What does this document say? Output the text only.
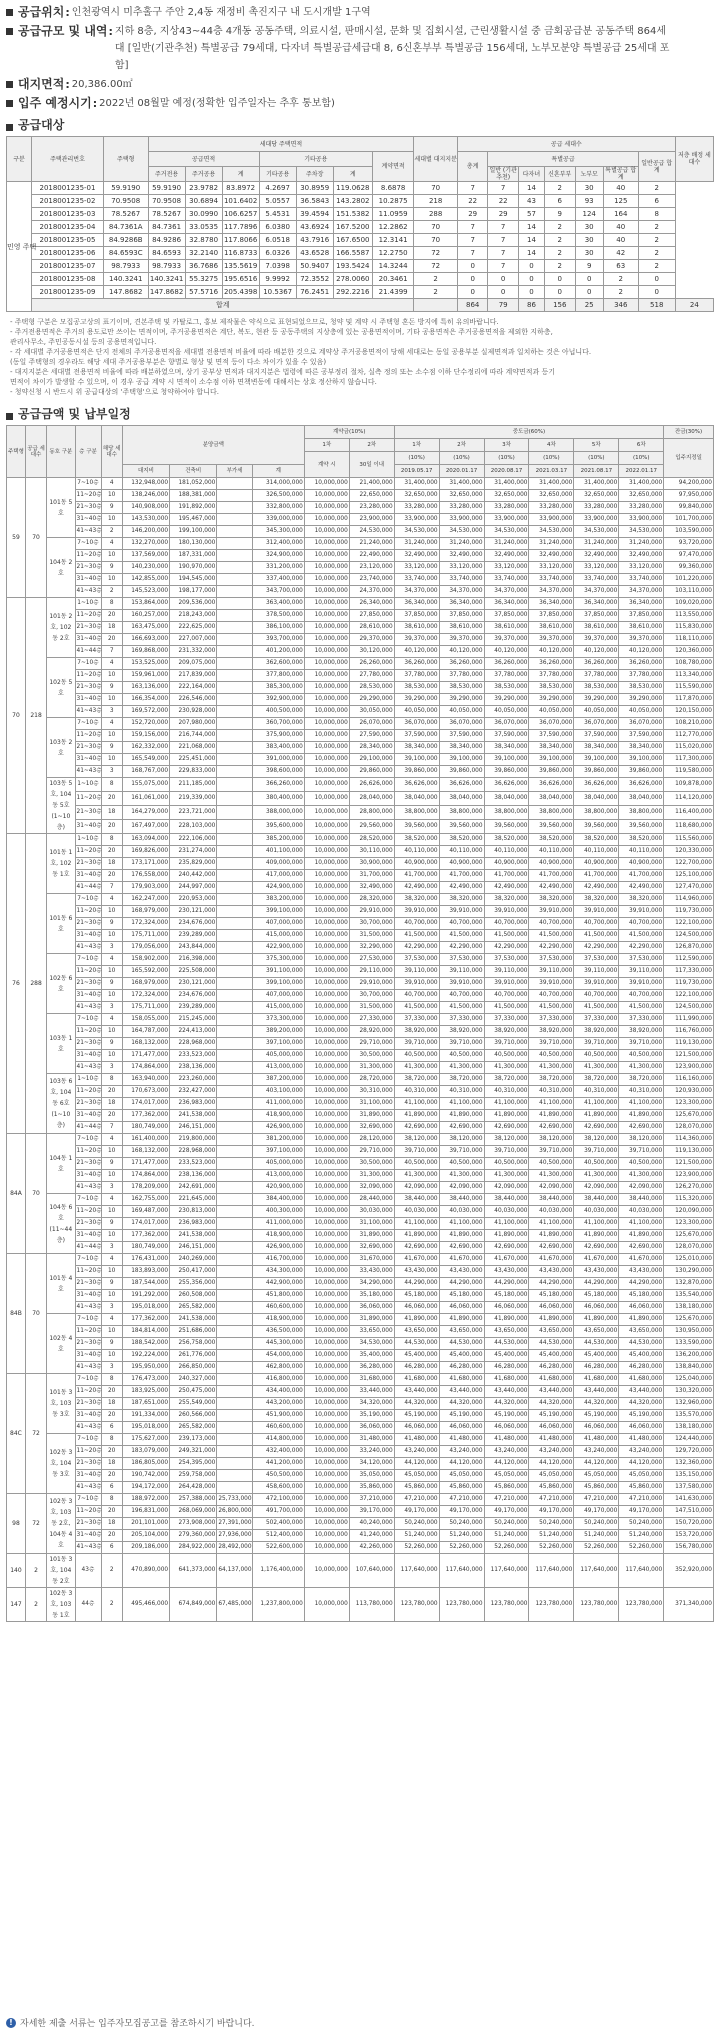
공급위치 : 인천광역시 미추홀구 주안 2,4동 재정비 촉진지구 내 도시개발 1구역
공급규모 및 내역 : 지하 8층, 지상43~44층 4개동 공동주택, 의료시설, 판매시설, 문화 및 집회시설, 근린생활시설 중 금회공급분 공동주택 864세대 [일반(기관추천) 특별공급 79세대, 다자녀 특별공급세급대 8, 6신혼부부 특별공급 156세대, 노부모분양 특별공급 25세대 포함]
대지면적 : 20,386.00㎡
입주 예정시기 : 2022년 08월말 예정(정확한 입주일자는 추후 통보함)
공급대상
구분	주택관리번호	주택형	세대당 주택면적							세대별 대지지분	공급 세대수							저층 배정 세대수
			공급면적			기타공용			계약면적		총계	특별공급					일반공급 합계	
			주거전용	주거공용	계	기타공용	주차장	계				일반 (기관추천)	다자녀	신혼부부	노부모	특별공급 합계		
민영 주택	2018001235-01	59.9190	59.9190	23.9782	83.8972	4.2697	30.8959	119.0628	8.6878	70	7	7	14	2	30	40	2	
	2018001235-02	70.9508	70.9508	30.6894	101.6402	5.0557	36.5843	143.2802	10.2875	218	22	22	43	6	93	125	6	
	2018001235-03	78.5267	78.5267	30.0990	106.6257	5.4531	39.4594	151.5382	11.0959	288	29	29	57	9	124	164	8	
	2018001235-04	84.7361A	84.7361	33.0535	117.7896	6.0380	43.6924	167.5200	12.2862	70	7	7	14	2	30	40	2	
	2018001235-05	84.9286B	84.9286	32.8780	117.8066	6.0518	43.7916	167.6500	12.3141	70	7	7	14	2	30	40	2	
	2018001235-06	84.6593C	84.6593	32.2140	116.8733	6.0326	43.6528	166.5587	12.2750	72	7	7	14	2	30	42	2	
	2018001235-07	98.7933	98.7933	36.7686	135.5619	7.0398	50.9407	193.5424	14.3244	72	0	7	0	2	9	63	2	
	2018001235-08	140.3241	140.3241	55.3275	195.6516	9.9992	72.3552	278.0060	20.3461	2	0	0	0	0	0	2	0	
	2018001235-09	147.8682	147.8682	57.5716	205.4398	10.5367	76.2451	292.2216	21.4399	2	0	0	0	0	0	2	0	
	합계										864	79	86	156	25	346	518	24
- 주택형 구분은 모집공고상의 표기이며, 견본주택 및 카탈로그, 홍보 제작물은 약식으로 표현되었으므로, 청약 및 계약 시 주택형 혼돈 방지에 특히 유의바랍니다.
- 주거전용면적은 주거의 용도로만 쓰이는 면적이며, 주거공용면적은 계단, 복도, 현관 등 공동주택의 지상층에 있는 공용면적이며, 기타 공용면적은 주거공용면적을 제외한 지하층,
관리사무소, 주민공동시설 등의 공용면적입니다.
- 각 세대별 주거공용면적은 단지 전체의 주거공용면적을 세대별 전용면적 비율에 따라 배분한 것으로 계약상 주거공용면적이 당해 세대로는 동일 공용부분 실제면적과 일치하는 것은 아닙니다.
(동일 주택형의 경우라도 해당 세대 주거공용부분은 향별로 형상 및 면적 등이 다소 차이가 있을 수 있음)
- 대지지분은 세대별 전용면적 비율에 따라 배분하였으며, 상기 공부상 면적과 대지지분은 법령에 따른 공부정리 절차, 실측 정의 또는 소수점 이하 단수정리에 따라 계약면적과 등기
면적이 차이가 발생할 수 있으며, 이 경우 공급 계약 시 면적이 소수점 이하 면책변동에 대해서는 상호 정산하지 않습니다.
- 청약신청 시 반드시 위 공급대상의 '주택형'으로 청약하여야 합니다.
공급금액 및 납부일정
주택형	공급 세대수	동호 구분	층 구분	해당 세대수	분양금액				계약금(10%)		중도금(60%)						잔금(30%)
									1차	2차	1차	2차	3차	4차	5차	6차	입주지정일
									계약 시	30일 이내	(10%)	(10%)	(10%)	(10%)	(10%)	(10%)	
					대지비	건축비	부가세	계			2019.05.17	2020.01.17	2020.08.17	2021.03.17	2021.08.17	2022.01.17	
59	70	101동 5호	7~10층	4	132,948,000	181,052,000		314,000,000	10,000,000	21,400,000	31,400,000	31,400,000	31,400,000	31,400,000	31,400,000	31,400,000	94,200,000
			11~20층	10	138,246,000	188,381,000		326,500,000	10,000,000	22,650,000	32,650,000	32,650,000	32,650,000	32,650,000	32,650,000	32,650,000	97,950,000
			21~30층	9	140,908,000	191,892,000		332,800,000	10,000,000	23,280,000	33,280,000	33,280,000	33,280,000	33,280,000	33,280,000	33,280,000	99,840,000
			31~40층	10	143,530,000	195,467,000		339,000,000	10,000,000	23,900,000	33,900,000	33,900,000	33,900,000	33,900,000	33,900,000	33,900,000	101,700,000
			41~43층	2	146,200,000	199,100,000		345,300,000	10,000,000	24,530,000	34,530,000	34,530,000	34,530,000	34,530,000	34,530,000	34,530,000	103,590,000
		104동 2호	7~10층	4	132,270,000	180,130,000		312,400,000	10,000,000	21,240,000	31,240,000	31,240,000	31,240,000	31,240,000	31,240,000	31,240,000	93,720,000
			11~20층	10	137,569,000	187,331,000		324,900,000	10,000,000	22,490,000	32,490,000	32,490,000	32,490,000	32,490,000	32,490,000	32,490,000	97,470,000
			21~30층	9	140,230,000	190,970,000		331,200,000	10,000,000	23,120,000	33,120,000	33,120,000	33,120,000	33,120,000	33,120,000	33,120,000	99,360,000
			31~40층	10	142,855,000	194,545,000		337,400,000	10,000,000	23,740,000	33,740,000	33,740,000	33,740,000	33,740,000	33,740,000	33,740,000	101,220,000
			41~43층	2	145,523,000	198,177,000		343,700,000	10,000,000	24,370,000	34,370,000	34,370,000	34,370,000	34,370,000	34,370,000	34,370,000	103,110,000
70	218	101동 2호, 102동 2호	1~10층	8	153,864,000	209,536,000		363,400,000	10,000,000	26,340,000	36,340,000	36,340,000	36,340,000	36,340,000	36,340,000	36,340,000	109,020,000
			11~20층	20	160,257,000	218,243,000		378,500,000	10,000,000	27,850,000	37,850,000	37,850,000	37,850,000	37,850,000	37,850,000	37,850,000	113,550,000
			21~30층	18	163,475,000	222,625,000		386,100,000	10,000,000	28,610,000	38,610,000	38,610,000	38,610,000	38,610,000	38,610,000	38,610,000	115,830,000
			31~40층	20	166,693,000	227,007,000		393,700,000	10,000,000	29,370,000	39,370,000	39,370,000	39,370,000	39,370,000	39,370,000	39,370,000	118,110,000
			41~44층	7	169,868,000	231,332,000		401,200,000	10,000,000	30,120,000	40,120,000	40,120,000	40,120,000	40,120,000	40,120,000	40,120,000	120,360,000
		102동 5호	7~10층	4	153,525,000	209,075,000		362,600,000	10,000,000	26,260,000	36,260,000	36,260,000	36,260,000	36,260,000	36,260,000	36,260,000	108,780,000
			11~20층	10	159,961,000	217,839,000		377,800,000	10,000,000	27,780,000	37,780,000	37,780,000	37,780,000	37,780,000	37,780,000	37,780,000	113,340,000
			21~30층	9	163,136,000	222,164,000		385,300,000	10,000,000	28,530,000	38,530,000	38,530,000	38,530,000	38,530,000	38,530,000	38,530,000	115,590,000
			31~40층	10	166,354,000	226,546,000		392,900,000	10,000,000	29,290,000	39,290,000	39,290,000	39,290,000	39,290,000	39,290,000	39,290,000	117,870,000
			41~43층	3	169,572,000	230,928,000		400,500,000	10,000,000	30,050,000	40,050,000	40,050,000	40,050,000	40,050,000	40,050,000	40,050,000	120,150,000
		103동 2호	7~10층	4	152,720,000	207,980,000		360,700,000	10,000,000	26,070,000	36,070,000	36,070,000	36,070,000	36,070,000	36,070,000	36,070,000	108,210,000
			11~20층	10	159,156,000	216,744,000		375,900,000	10,000,000	27,590,000	37,590,000	37,590,000	37,590,000	37,590,000	37,590,000	37,590,000	112,770,000
			21~30층	9	162,332,000	221,068,000		383,400,000	10,000,000	28,340,000	38,340,000	38,340,000	38,340,000	38,340,000	38,340,000	38,340,000	115,020,000
			31~40층	10	165,549,000	225,451,000		391,000,000	10,000,000	29,100,000	39,100,000	39,100,000	39,100,000	39,100,000	39,100,000	39,100,000	117,300,000
			41~43층	3	168,767,000	229,833,000		398,600,000	10,000,000	29,860,000	39,860,000	39,860,000	39,860,000	39,860,000	39,860,000	39,860,000	119,580,000
		103동 5호, 104동 5호(1~10층)	1~10층	8	155,075,000	211,185,000		366,260,000	10,000,000	26,626,000	36,626,000	36,626,000	36,626,000	36,626,000	36,626,000	36,626,000	109,878,000
			11~20층	20	161,061,000	219,339,000		380,400,000	10,000,000	28,040,000	38,040,000	38,040,000	38,040,000	38,040,000	38,040,000	38,040,000	114,120,000
			21~30층	18	164,279,000	223,721,000		388,000,000	10,000,000	28,800,000	38,800,000	38,800,000	38,800,000	38,800,000	38,800,000	38,800,000	116,400,000
			31~40층	20	167,497,000	228,103,000		395,600,000	10,000,000	29,560,000	39,560,000	39,560,000	39,560,000	39,560,000	39,560,000	39,560,000	118,680,000
76	288	101동 1호, 102동 1호	1~10층	8	163,094,000	222,106,000		385,200,000	10,000,000	28,520,000	38,520,000	38,520,000	38,520,000	38,520,000	38,520,000	38,520,000	115,560,000
			11~20층	20	169,826,000	231,274,000		401,100,000	10,000,000	30,110,000	40,110,000	40,110,000	40,110,000	40,110,000	40,110,000	40,110,000	120,330,000
			21~30층	18	173,171,000	235,829,000		409,000,000	10,000,000	30,900,000	40,900,000	40,900,000	40,900,000	40,900,000	40,900,000	40,900,000	122,700,000
			31~40층	20	176,558,000	240,442,000		417,000,000	10,000,000	31,700,000	41,700,000	41,700,000	41,700,000	41,700,000	41,700,000	41,700,000	125,100,000
			41~44층	7	179,903,000	244,997,000		424,900,000	10,000,000	32,490,000	42,490,000	42,490,000	42,490,000	42,490,000	42,490,000	42,490,000	127,470,000
		101동 6호	7~10층	4	162,247,000	220,953,000		383,200,000	10,000,000	28,320,000	38,320,000	38,320,000	38,320,000	38,320,000	38,320,000	38,320,000	114,960,000
			11~20층	10	168,979,000	230,121,000		399,100,000	10,000,000	29,910,000	39,910,000	39,910,000	39,910,000	39,910,000	39,910,000	39,910,000	119,730,000
			21~30층	9	172,324,000	234,676,000		407,000,000	10,000,000	30,700,000	40,700,000	40,700,000	40,700,000	40,700,000	40,700,000	40,700,000	122,100,000
			31~40층	10	175,711,000	239,289,000		415,000,000	10,000,000	31,500,000	41,500,000	41,500,000	41,500,000	41,500,000	41,500,000	41,500,000	124,500,000
			41~43층	3	179,056,000	243,844,000		422,900,000	10,000,000	32,290,000	42,290,000	42,290,000	42,290,000	42,290,000	42,290,000	42,290,000	126,870,000
		102동 6호	7~10층	4	158,902,000	216,398,000		375,300,000	10,000,000	27,530,000	37,530,000	37,530,000	37,530,000	37,530,000	37,530,000	37,530,000	112,590,000
			11~20층	10	165,592,000	225,508,000		391,100,000	10,000,000	29,110,000	39,110,000	39,110,000	39,110,000	39,110,000	39,110,000	39,110,000	117,330,000
			21~30층	9	168,979,000	230,121,000		399,100,000	10,000,000	29,910,000	39,910,000	39,910,000	39,910,000	39,910,000	39,910,000	39,910,000	119,730,000
			31~40층	10	172,324,000	234,676,000		407,000,000	10,000,000	30,700,000	40,700,000	40,700,000	40,700,000	40,700,000	40,700,000	40,700,000	122,100,000
			41~43층	3	175,711,000	239,289,000		415,000,000	10,000,000	31,500,000	41,500,000	41,500,000	41,500,000	41,500,000	41,500,000	41,500,000	124,500,000
		103동 1호	7~10층	4	158,055,000	215,245,000		373,300,000	10,000,000	27,330,000	37,330,000	37,330,000	37,330,000	37,330,000	37,330,000	37,330,000	111,990,000
			11~20층	10	164,787,000	224,413,000		389,200,000	10,000,000	28,920,000	38,920,000	38,920,000	38,920,000	38,920,000	38,920,000	38,920,000	116,760,000
			21~30층	9	168,132,000	228,968,000		397,100,000	10,000,000	29,710,000	39,710,000	39,710,000	39,710,000	39,710,000	39,710,000	39,710,000	119,130,000
			31~40층	10	171,477,000	233,523,000		405,000,000	10,000,000	30,500,000	40,500,000	40,500,000	40,500,000	40,500,000	40,500,000	40,500,000	121,500,000
			41~43층	3	174,864,000	238,136,000		413,000,000	10,000,000	31,300,000	41,300,000	41,300,000	41,300,000	41,300,000	41,300,000	41,300,000	123,900,000
		103동 6호, 104동 6호(1~10층)	1~10층	8	163,940,000	223,260,000		387,200,000	10,000,000	28,720,000	38,720,000	38,720,000	38,720,000	38,720,000	38,720,000	38,720,000	116,160,000
			11~20층	20	170,673,000	232,427,000		403,100,000	10,000,000	30,310,000	40,310,000	40,310,000	40,310,000	40,310,000	40,310,000	40,310,000	120,930,000
			21~30층	18	174,017,000	236,983,000		411,000,000	10,000,000	31,100,000	41,100,000	41,100,000	41,100,000	41,100,000	41,100,000	41,100,000	123,300,000
			31~40층	20	177,362,000	241,538,000		418,900,000	10,000,000	31,890,000	41,890,000	41,890,000	41,890,000	41,890,000	41,890,000	41,890,000	125,670,000
			41~44층	7	180,749,000	246,151,000		426,900,000	10,000,000	32,690,000	42,690,000	42,690,000	42,690,000	42,690,000	42,690,000	42,690,000	128,070,000
84A	70	104동 1호	7~10층	4	161,400,000	219,800,000		381,200,000	10,000,000	28,120,000	38,120,000	38,120,000	38,120,000	38,120,000	38,120,000	38,120,000	114,360,000
			11~20층	10	168,132,000	228,968,000		397,100,000	10,000,000	29,710,000	39,710,000	39,710,000	39,710,000	39,710,000	39,710,000	39,710,000	119,130,000
			21~30층	9	171,477,000	233,523,000		405,000,000	10,000,000	30,500,000	40,500,000	40,500,000	40,500,000	40,500,000	40,500,000	40,500,000	121,500,000
			31~40층	10	174,864,000	238,136,000		413,000,000	10,000,000	31,300,000	41,300,000	41,300,000	41,300,000	41,300,000	41,300,000	41,300,000	123,900,000
			41~43층	3	178,209,000	242,691,000		420,900,000	10,000,000	32,090,000	42,090,000	42,090,000	42,090,000	42,090,000	42,090,000	42,090,000	126,270,000
		104동 6호(11~44층)	7~10층	4	162,755,000	221,645,000		384,400,000	10,000,000	28,440,000	38,440,000	38,440,000	38,440,000	38,440,000	38,440,000	38,440,000	115,320,000
			11~20층	10	169,487,000	230,813,000		400,300,000	10,000,000	30,030,000	40,030,000	40,030,000	40,030,000	40,030,000	40,030,000	40,030,000	120,090,000
			21~30층	9	174,017,000	236,983,000		411,000,000	10,000,000	31,100,000	41,100,000	41,100,000	41,100,000	41,100,000	41,100,000	41,100,000	123,300,000
			31~40층	10	177,362,000	241,538,000		418,900,000	10,000,000	31,890,000	41,890,000	41,890,000	41,890,000	41,890,000	41,890,000	41,890,000	125,670,000
			41~44층	3	180,749,000	246,151,000		426,900,000	10,000,000	32,690,000	42,690,000	42,690,000	42,690,000	42,690,000	42,690,000	42,690,000	128,070,000
84B	70	101동 4호	7~10층	4	176,431,000	240,269,000		416,700,000	10,000,000	31,670,000	41,670,000	41,670,000	41,670,000	41,670,000	41,670,000	41,670,000	125,010,000
			11~20층	10	183,893,000	250,417,000		434,300,000	10,000,000	33,430,000	43,430,000	43,430,000	43,430,000	43,430,000	43,430,000	43,430,000	130,290,000
			21~30층	9	187,544,000	255,356,000		442,900,000	10,000,000	34,290,000	44,290,000	44,290,000	44,290,000	44,290,000	44,290,000	44,290,000	132,870,000
			31~40층	10	191,292,000	260,508,000		451,800,000	10,000,000	35,180,000	45,180,000	45,180,000	45,180,000	45,180,000	45,180,000	45,180,000	135,540,000
			41~43층	3	195,018,000	265,582,000		460,600,000	10,000,000	36,060,000	46,060,000	46,060,000	46,060,000	46,060,000	46,060,000	46,060,000	138,180,000
		102동 4호	7~10층	4	177,362,000	241,538,000		418,900,000	10,000,000	31,890,000	41,890,000	41,890,000	41,890,000	41,890,000	41,890,000	41,890,000	125,670,000
			11~20층	10	184,814,000	251,686,000		436,500,000	10,000,000	33,650,000	43,650,000	43,650,000	43,650,000	43,650,000	43,650,000	43,650,000	130,950,000
			21~30층	9	188,542,000	256,758,000		445,300,000	10,000,000	34,530,000	44,530,000	44,530,000	44,530,000	44,530,000	44,530,000	44,530,000	133,590,000
			31~40층	10	192,224,000	261,776,000		454,000,000	10,000,000	35,400,000	45,400,000	45,400,000	45,400,000	45,400,000	45,400,000	45,400,000	136,200,000
			41~43층	3	195,950,000	266,850,000		462,800,000	10,000,000	36,280,000	46,280,000	46,280,000	46,280,000	46,280,000	46,280,000	46,280,000	138,840,000
84C	72	101동 3호, 103동 3호	7~10층	8	176,473,000	240,327,000		416,800,000	10,000,000	31,680,000	41,680,000	41,680,000	41,680,000	41,680,000	41,680,000	41,680,000	125,040,000
			11~20층	20	183,925,000	250,475,000		434,400,000	10,000,000	33,440,000	43,440,000	43,440,000	43,440,000	43,440,000	43,440,000	43,440,000	130,320,000
			21~30층	18	187,651,000	255,549,000		443,200,000	10,000,000	34,320,000	44,320,000	44,320,000	44,320,000	44,320,000	44,320,000	44,320,000	132,960,000
			31~40층	20	191,334,000	260,566,000		451,900,000	10,000,000	35,190,000	45,190,000	45,190,000	45,190,000	45,190,000	45,190,000	45,190,000	135,570,000
			41~43층	6	195,018,000	265,582,000		460,600,000	10,000,000	36,060,000	46,060,000	46,060,000	46,060,000	46,060,000	46,060,000	46,060,000	138,180,000
		102동 3호, 104동 3호	7~10층	8	175,627,000	239,173,000		414,800,000	10,000,000	31,480,000	41,480,000	41,480,000	41,480,000	41,480,000	41,480,000	41,480,000	124,440,000
			11~20층	20	183,079,000	249,321,000		432,400,000	10,000,000	33,240,000	43,240,000	43,240,000	43,240,000	43,240,000	43,240,000	43,240,000	129,720,000
			21~30층	18	186,805,000	254,395,000		441,200,000	10,000,000	34,120,000	44,120,000	44,120,000	44,120,000	44,120,000	44,120,000	44,120,000	132,360,000
			31~40층	20	190,742,000	259,758,000		450,500,000	10,000,000	35,050,000	45,050,000	45,050,000	45,050,000	45,050,000	45,050,000	45,050,000	135,150,000
			41~43층	6	194,172,000	264,428,000		458,600,000	10,000,000	35,860,000	45,860,000	45,860,000	45,860,000	45,860,000	45,860,000	45,860,000	137,580,000
98	72	102동 3호, 103동 2호, 104동 4호	7~10층	8	188,972,000	257,388,000	25,733,000	472,100,000	10,000,000	37,210,000	47,210,000	47,210,000	47,210,000	47,210,000	47,210,000	47,210,000	141,630,000
			11~20층	20	196,831,000	268,069,000	26,800,000	491,700,000	10,000,000	39,170,000	49,170,000	49,170,000	49,170,000	49,170,000	49,170,000	49,170,000	147,510,000
			21~30층	18	201,101,000	273,908,000	27,391,000	502,400,000	10,000,000	40,240,000	50,240,000	50,240,000	50,240,000	50,240,000	50,240,000	50,240,000	150,720,000
			31~40층	20	205,104,000	279,360,000	27,936,000	512,400,000	10,000,000	41,240,000	51,240,000	51,240,000	51,240,000	51,240,000	51,240,000	51,240,000	153,720,000
			41~43층	6	209,186,000	284,922,000	28,492,000	522,600,000	10,000,000	42,260,000	52,260,000	52,260,000	52,260,000	52,260,000	52,260,000	52,260,000	156,780,000
140	2	101동 3호, 104동 2호	43층	2	470,890,000	641,373,000	64,137,000	1,176,400,000	10,000,000	107,640,000	117,640,000	117,640,000	117,640,000	117,640,000	117,640,000	117,640,000	352,920,000
147	2	102동 3호, 103동 1호	44층	2	495,466,000	674,849,000	67,485,000	1,237,800,000	10,000,000	113,780,000	123,780,000	123,780,000	123,780,000	123,780,000	123,780,000	123,780,000	371,340,000
! 자세한 제출 서류는 입주자모집공고를 참조하시기 바랍니다.
